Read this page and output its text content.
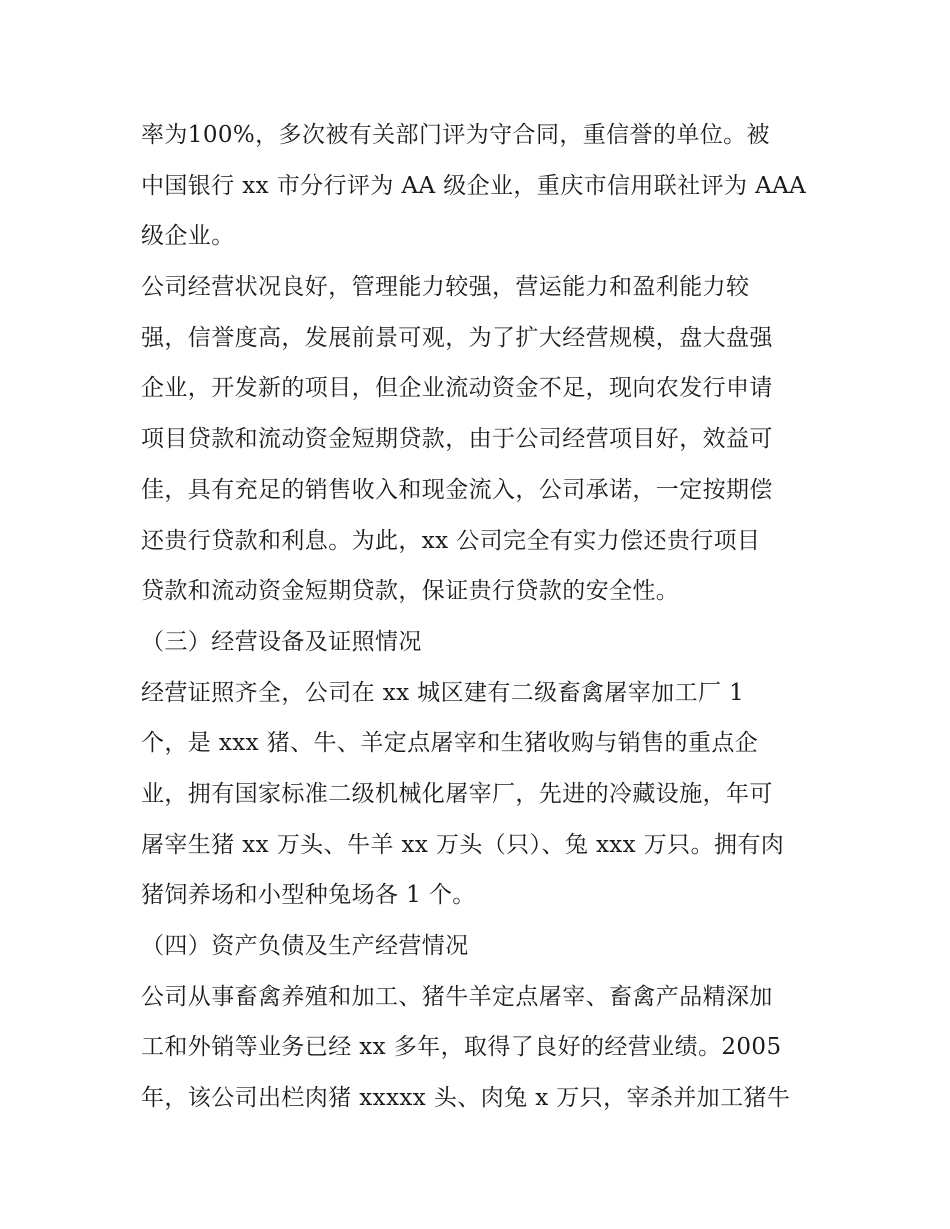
率为100%，多次被有关部门评为守合同，重信誉的单位。被
中国银行 xx 市分行评为 AA 级企业，重庆市信用联社评为 AAA
级企业。
公司经营状况良好，管理能力较强，营运能力和盈利能力较
强，信誉度高，发展前景可观，为了扩大经营规模，盘大盘强
企业，开发新的项目，但企业流动资金不足，现向农发行申请
项目贷款和流动资金短期贷款，由于公司经营项目好，效益可
佳，具有充足的销售收入和现金流入，公司承诺，一定按期偿
还贵行贷款和利息。为此，xx 公司完全有实力偿还贵行项目
贷款和流动资金短期贷款，保证贵行贷款的安全性。
（三）经营设备及证照情况
经营证照齐全，公司在 xx 城区建有二级畜禽屠宰加工厂 1
个，是 xxx 猪、牛、羊定点屠宰和生猪收购与销售的重点企
业，拥有国家标准二级机械化屠宰厂，先进的冷藏设施，年可
屠宰生猪 xx 万头、牛羊 xx 万头（只）、兔 xxx 万只。拥有肉
猪饲养场和小型种兔场各 1 个。
（四）资产负债及生产经营情况
公司从事畜禽养殖和加工、猪牛羊定点屠宰、畜禽产品精深加
工和外销等业务已经 xx 多年，取得了良好的经营业绩。2005
年，该公司出栏肉猪 xxxxx 头、肉兔 x 万只，宰杀并加工猪牛
